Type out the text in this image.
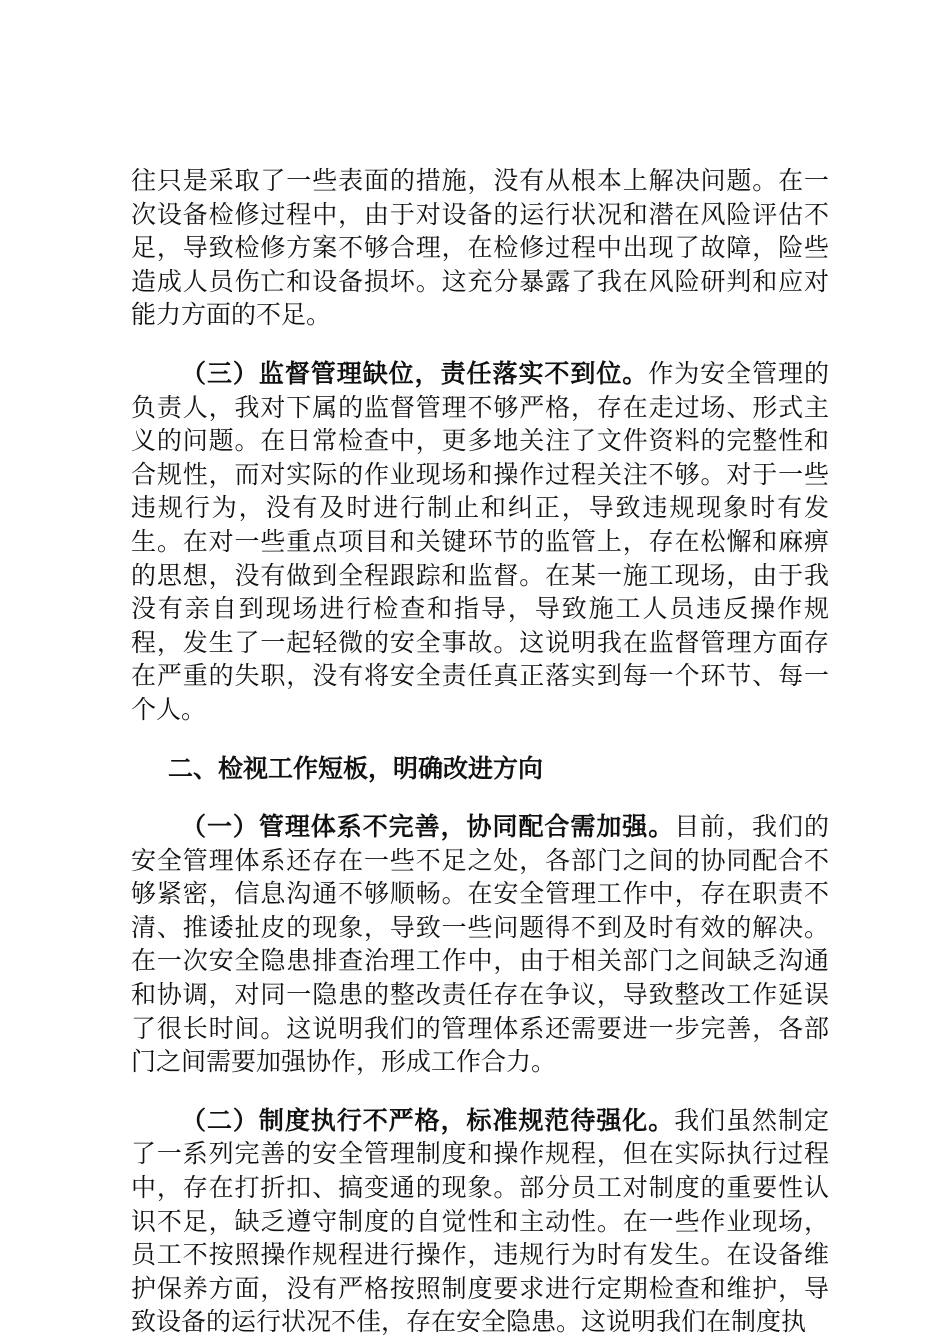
往只是采取了一些表面的措施，没有从根本上解决问题。在一次设备检修过程中，由于对设备的运行状况和潜在风险评估不足，导致检修方案不够合理，在检修过程中出现了故障，险些造成人员伤亡和设备损坏。这充分暴露了我在风险研判和应对能力方面的不足。

（三）监督管理缺位，责任落实不到位。作为安全管理的负责人，我对下属的监督管理不够严格，存在走过场、形式主义的问题。在日常检查中，更多地关注了文件资料的完整性和合规性，而对实际的作业现场和操作过程关注不够。对于一些违规行为，没有及时进行制止和纠正，导致违规现象时有发生。在对一些重点项目和关键环节的监管上，存在松懈和麻痹的思想，没有做到全程跟踪和监督。在某一施工现场，由于我没有亲自到现场进行检查和指导，导致施工人员违反操作规程，发生了一起轻微的安全事故。这说明我在监督管理方面存在严重的失职，没有将安全责任真正落实到每一个环节、每一个人。

二、检视工作短板，明确改进方向

（一）管理体系不完善，协同配合需加强。目前，我们的安全管理体系还存在一些不足之处，各部门之间的协同配合不够紧密，信息沟通不够顺畅。在安全管理工作中，存在职责不清、推诿扯皮的现象，导致一些问题得不到及时有效的解决。在一次安全隐患排查治理工作中，由于相关部门之间缺乏沟通和协调，对同一隐患的整改责任存在争议，导致整改工作延误了很长时间。这说明我们的管理体系还需要进一步完善，各部门之间需要加强协作，形成工作合力。

（二）制度执行不严格，标准规范待强化。我们虽然制定了一系列完善的安全管理制度和操作规程，但在实际执行过程中，存在打折扣、搞变通的现象。部分员工对制度的重要性认识不足，缺乏遵守制度的自觉性和主动性。在一些作业现场，员工不按照操作规程进行操作，违规行为时有发生。在设备维护保养方面，没有严格按照制度要求进行定期检查和维护，导致设备的运行状况不佳，存在安全隐患。这说明我们在制度执
